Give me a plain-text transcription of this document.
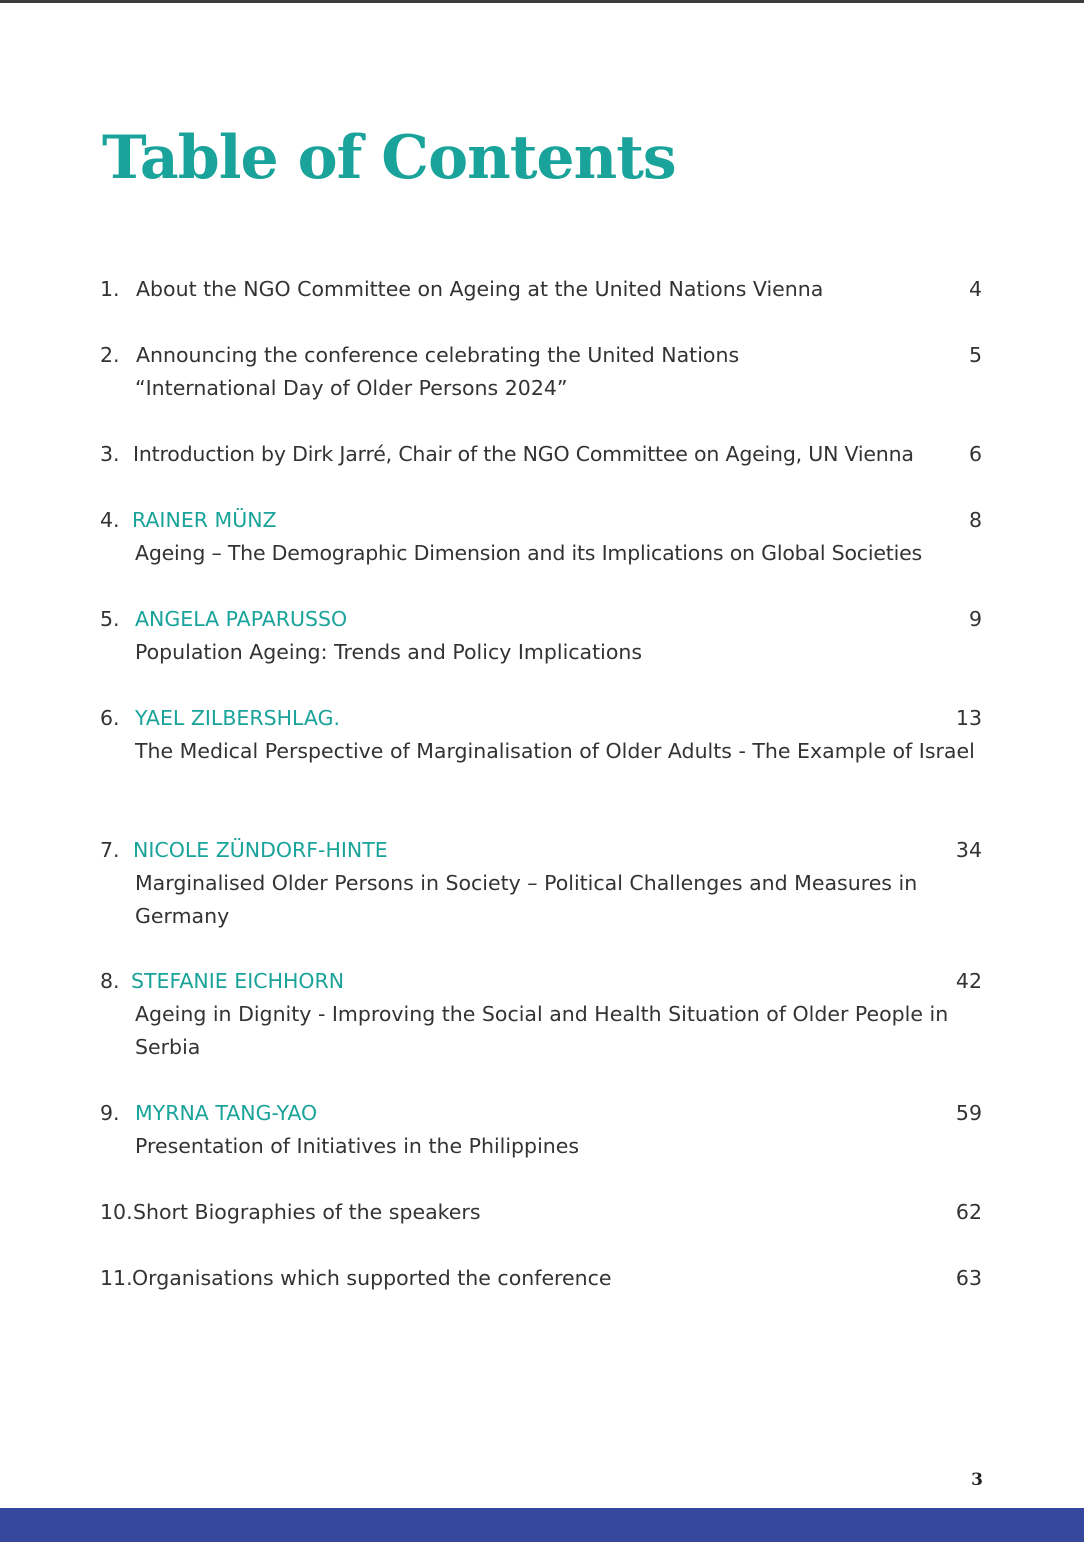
Table of Contents
1. About the NGO Committee on Ageing at the United Nations Vienna	4
2. Announcing the conference celebrating the United Nations	5
“International Day of Older Persons 2024”
3. Introduction by Dirk Jarré, Chair of the NGO Committee on Ageing, UN Vienna	6
4. RAINER MÜNZ	8
Ageing – The Demographic Dimension and its Implications on Global Societies
5. ANGELA PAPARUSSO	9
Population Ageing: Trends and Policy Implications
6. YAEL ZILBERSHLAG.	13
The Medical Perspective of Marginalisation of Older Adults - The Example of Israel
7. NICOLE ZÜNDORF-HINTE	34
Marginalised Older Persons in Society – Political Challenges and Measures in Germany
8. STEFANIE EICHHORN	42
Ageing in Dignity - Improving the Social and Health Situation of Older People in Serbia
9. MYRNA TANG-YAO	59
Presentation of Initiatives in the Philippines
10. Short Biographies of the speakers	62
11. Organisations which supported the conference	63
3
